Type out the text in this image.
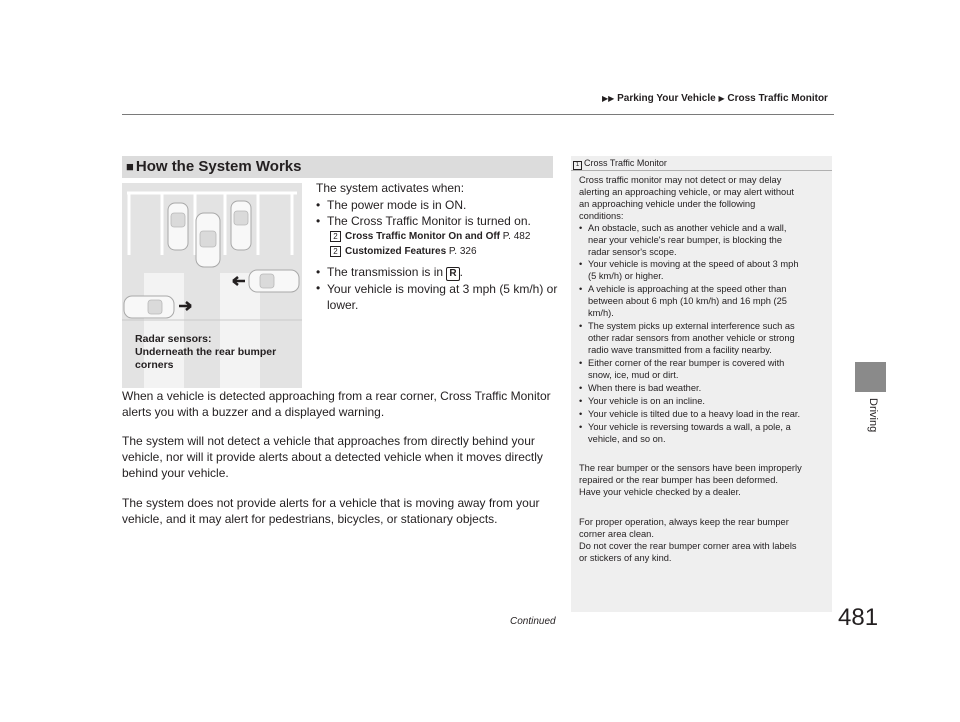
▶▶ Parking Your Vehicle ▶ Cross Traffic Monitor
Driving
■ How the System Works
Radar sensors:
Underneath the rear bumper
corners
The system activates when:
• The power mode is in ON.
• The Cross Traffic Monitor is turned on.
2 Cross Traffic Monitor On and Off P. 482
2 Customized Features P. 326
• The transmission is in R .
• Your vehicle is moving at 3 mph (5 km/h) or
lower.
When a vehicle is detected approaching from a rear corner, Cross Traffic Monitor
alerts you with a buzzer and a displayed warning.
The system will not detect a vehicle that approaches from directly behind your
vehicle, nor will it provide alerts about a detected vehicle when it moves directly
behind your vehicle.
The system does not provide alerts for a vehicle that is moving away from your
vehicle, and it may alert for pedestrians, bicycles, or stationary objects.
1 Cross Traffic Monitor
Cross traffic monitor may not detect or may delay
alerting an approaching vehicle, or may alert without
an approaching vehicle under the following
conditions:
• An obstacle, such as another vehicle and a wall,
near your vehicle's rear bumper, is blocking the
radar sensor's scope.
• Your vehicle is moving at the speed of about 3 mph
(5 km/h) or higher.
• A vehicle is approaching at the speed other than
between about 6 mph (10 km/h) and 16 mph (25
km/h).
• The system picks up external interference such as
other radar sensors from another vehicle or strong
radio wave transmitted from a facility nearby.
• Either corner of the rear bumper is covered with
snow, ice, mud or dirt.
• When there is bad weather.
• Your vehicle is on an incline.
• Your vehicle is tilted due to a heavy load in the rear.
• Your vehicle is reversing towards a wall, a pole, a
vehicle, and so on.
The rear bumper or the sensors have been improperly
repaired or the rear bumper has been deformed.
Have your vehicle checked by a dealer.
For proper operation, always keep the rear bumper
corner area clean.
Do not cover the rear bumper corner area with labels
or stickers of any kind.
Continued	481
